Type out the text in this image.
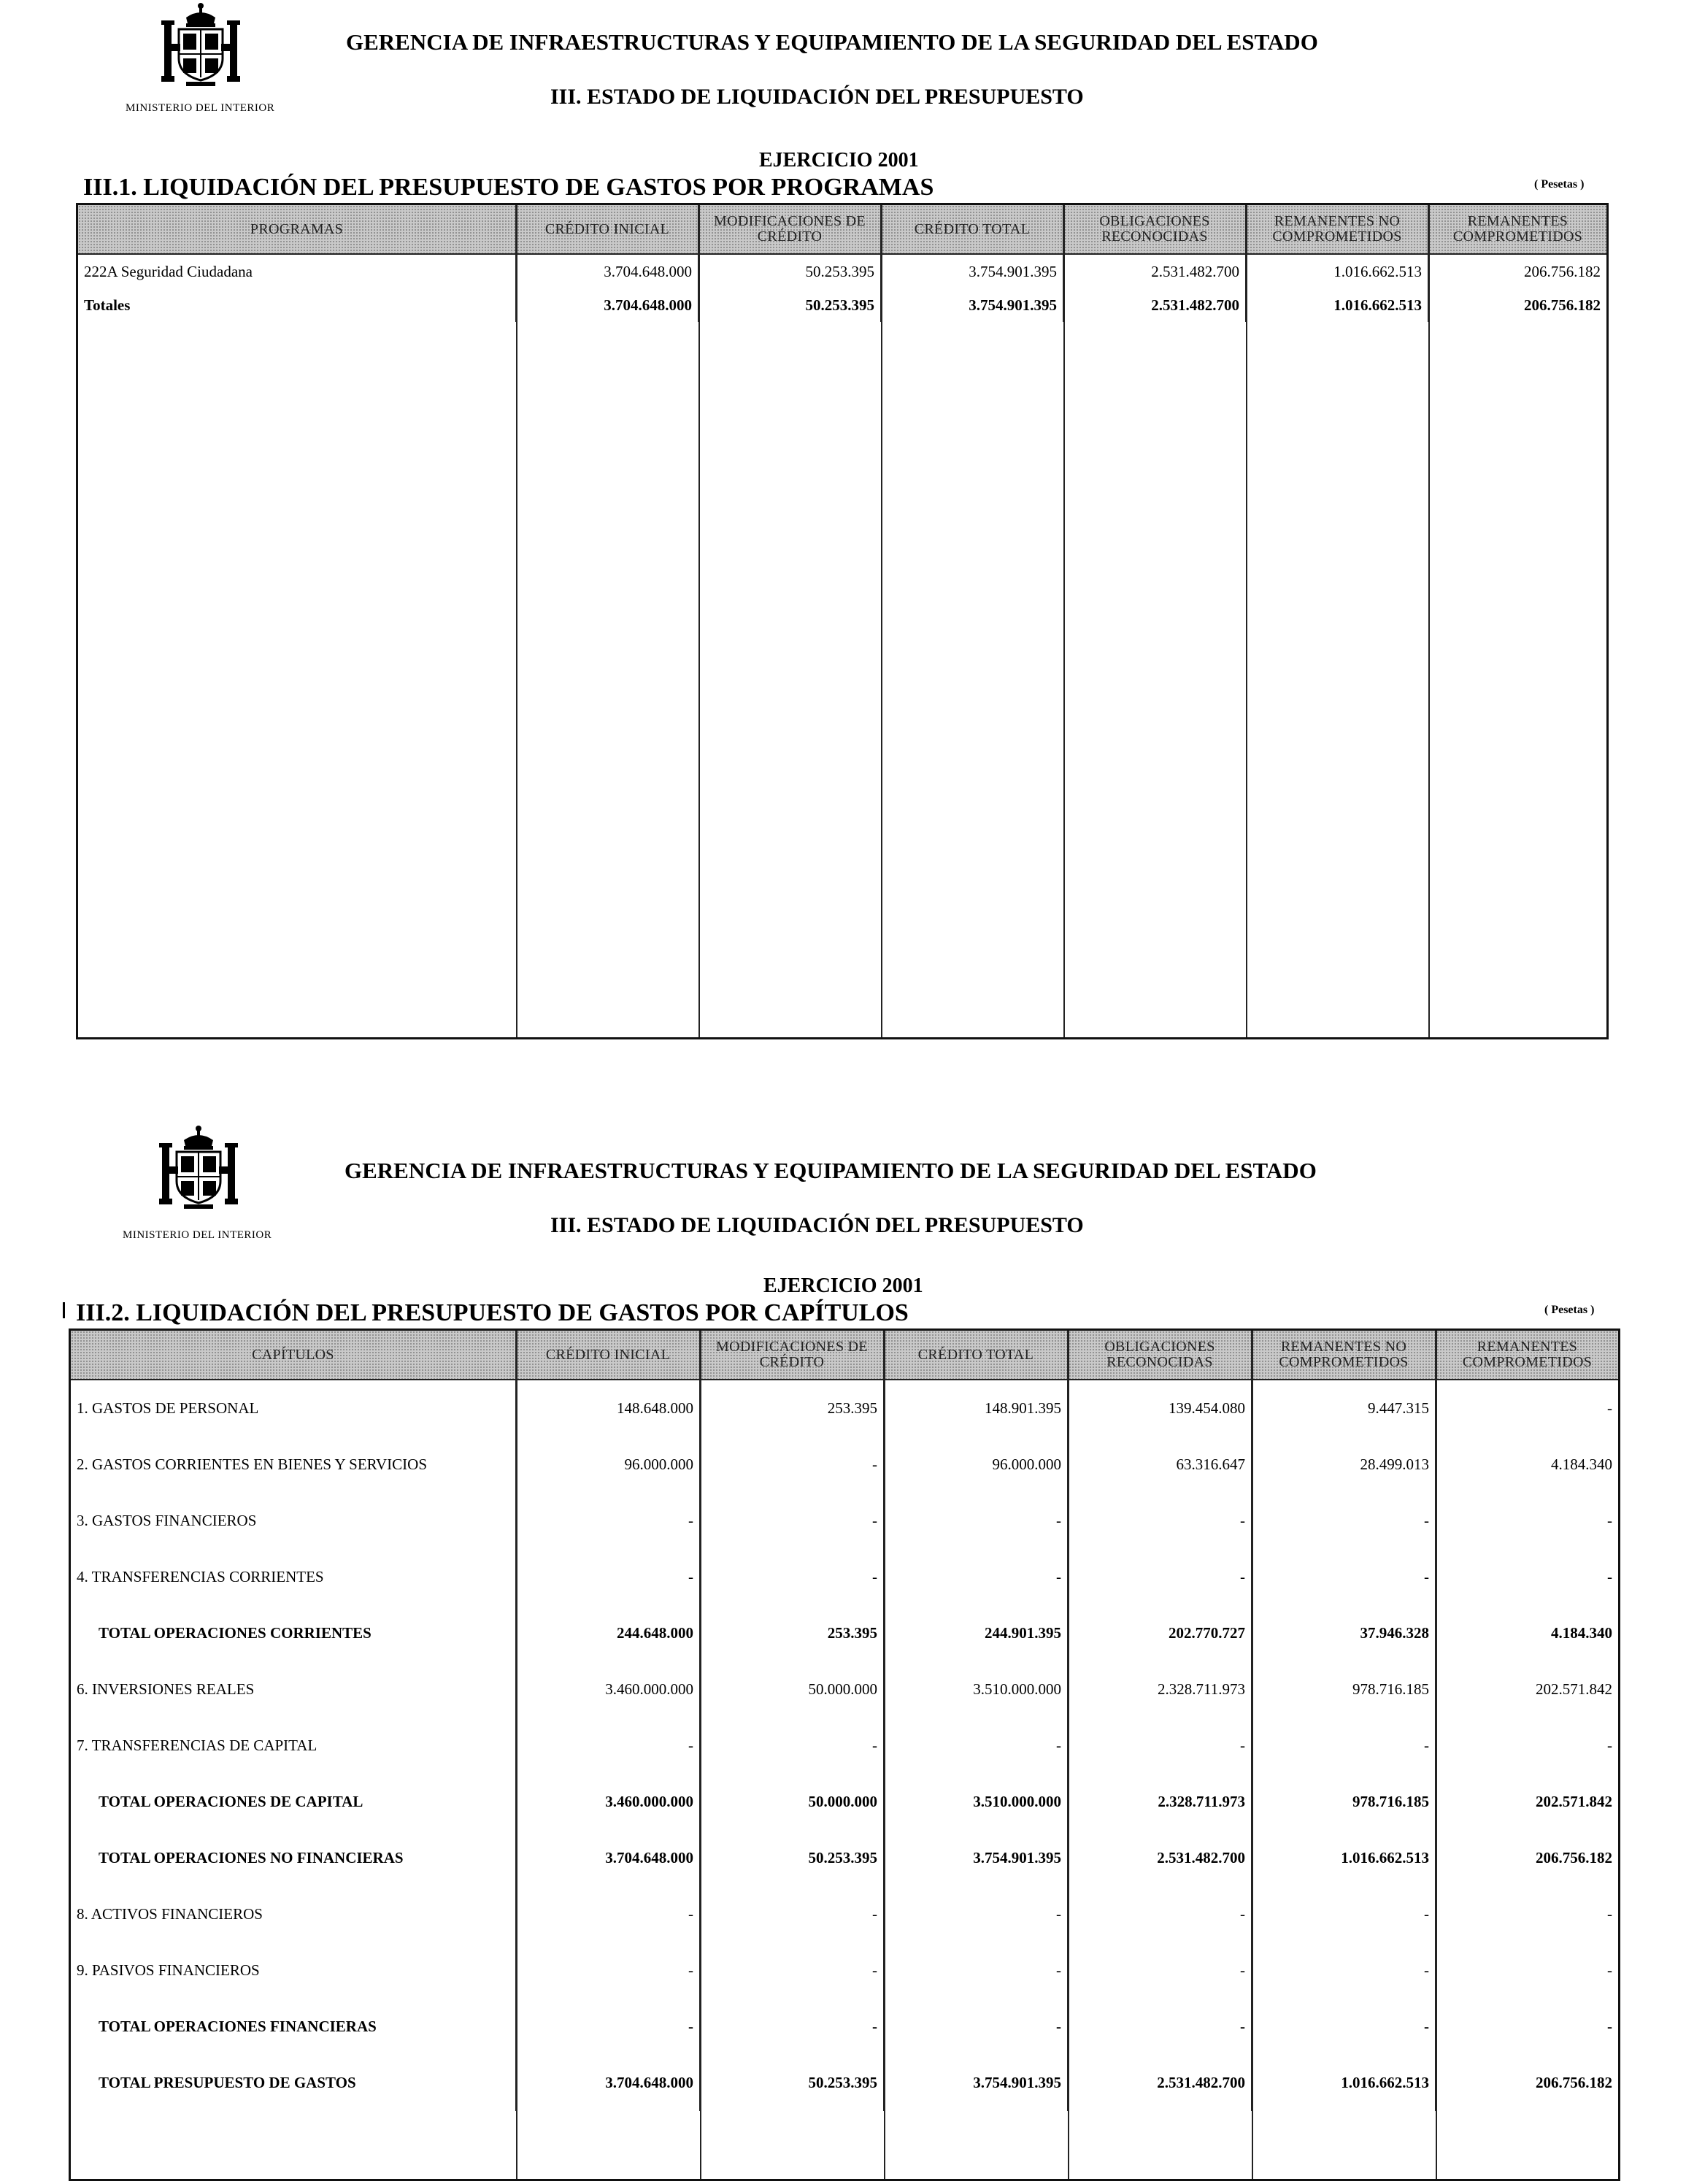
MINISTERIO DEL INTERIOR
GERENCIA DE INFRAESTRUCTURAS Y EQUIPAMIENTO DE LA SEGURIDAD DEL ESTADO
III. ESTADO DE LIQUIDACIÓN DEL PRESUPUESTO
EJERCICIO 2001
III.1. LIQUIDACIÓN DEL PRESUPUESTO DE GASTOS POR PROGRAMAS	( Pesetas )
PROGRAMAS	CRÉDITO INICIAL	MODIFICACIONES DE CRÉDITO	CRÉDITO TOTAL	OBLIGACIONES RECONOCIDAS	REMANENTES NO COMPROMETIDOS	REMANENTES COMPROMETIDOS
222A Seguridad Ciudadana	3.704.648.000	50.253.395	3.754.901.395	2.531.482.700	1.016.662.513	206.756.182
Totales	3.704.648.000	50.253.395	3.754.901.395	2.531.482.700	1.016.662.513	206.756.182
MINISTERIO DEL INTERIOR
GERENCIA DE INFRAESTRUCTURAS Y EQUIPAMIENTO DE LA SEGURIDAD DEL ESTADO
III. ESTADO DE LIQUIDACIÓN DEL PRESUPUESTO
EJERCICIO 2001
III.2. LIQUIDACIÓN DEL PRESUPUESTO DE GASTOS POR CAPÍTULOS	( Pesetas )
CAPÍTULOS	CRÉDITO INICIAL	MODIFICACIONES DE CRÉDITO	CRÉDITO TOTAL	OBLIGACIONES RECONOCIDAS	REMANENTES NO COMPROMETIDOS	REMANENTES COMPROMETIDOS
1. GASTOS DE PERSONAL	148.648.000	253.395	148.901.395	139.454.080	9.447.315	-
2. GASTOS CORRIENTES EN BIENES Y SERVICIOS	96.000.000	-	96.000.000	63.316.647	28.499.013	4.184.340
3. GASTOS FINANCIEROS	-	-	-	-	-	-
4. TRANSFERENCIAS CORRIENTES	-	-	-	-	-	-
TOTAL OPERACIONES CORRIENTES	244.648.000	253.395	244.901.395	202.770.727	37.946.328	4.184.340
6. INVERSIONES REALES	3.460.000.000	50.000.000	3.510.000.000	2.328.711.973	978.716.185	202.571.842
7. TRANSFERENCIAS DE CAPITAL	-	-	-	-	-	-
TOTAL OPERACIONES DE CAPITAL	3.460.000.000	50.000.000	3.510.000.000	2.328.711.973	978.716.185	202.571.842
TOTAL OPERACIONES NO FINANCIERAS	3.704.648.000	50.253.395	3.754.901.395	2.531.482.700	1.016.662.513	206.756.182
8. ACTIVOS FINANCIEROS	-	-	-	-	-	-
9. PASIVOS FINANCIEROS	-	-	-	-	-	-
TOTAL OPERACIONES FINANCIERAS	-	-	-	-	-	-
TOTAL PRESUPUESTO DE GASTOS	3.704.648.000	50.253.395	3.754.901.395	2.531.482.700	1.016.662.513	206.756.182
